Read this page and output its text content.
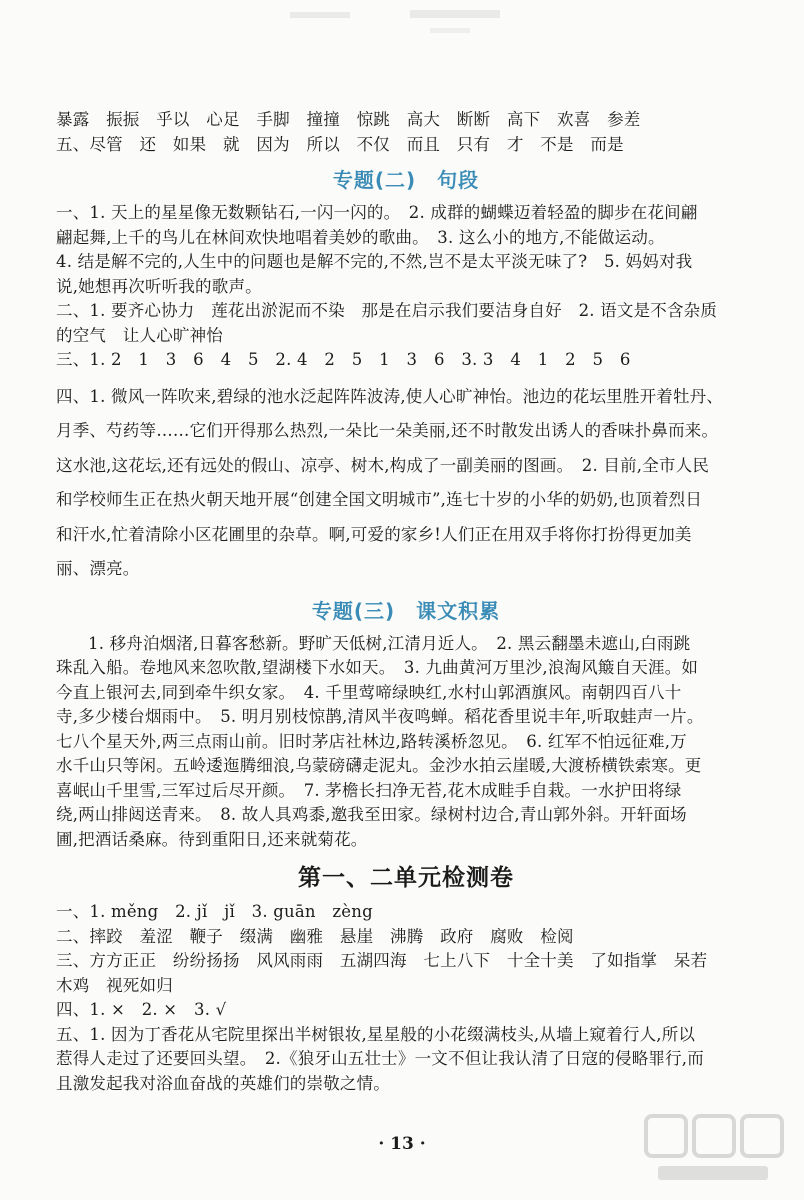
暴露　振振　乎以　心足　手脚　撞撞　惊跳　高大　断断　高下　欢喜　参差
五、尽管　还　如果　就　因为　所以　不仅　而且　只有　才　不是　而是
专题(二)　句段
一、1. 天上的星星像无数颗钻石,一闪一闪的。　2. 成群的蝴蝶迈着轻盈的脚步在花间翩
翩起舞,上千的鸟儿在林间欢快地唱着美妙的歌曲。　3. 这么小的地方,不能做运动。
4. 结是解不完的,人生中的问题也是解不完的,不然,岂不是太平淡无味了?　5. 妈妈对我
说,她想再次听听我的歌声。
二、1. 要齐心协力　莲花出淤泥而不染　那是在启示我们要洁身自好　2. 语文是不含杂质
的空气　让人心旷神怡
三、1. 2　1　3　6　4　5　2. 4　2　5　1　3　6　3. 3　4　1　2　5　6
四、1. 微风一阵吹来,碧绿的池水泛起阵阵波涛,使人心旷神怡。池边的花坛里胜开着牡丹、
月季、芍药等……它们开得那么热烈,一朵比一朵美丽,还不时散发出诱人的香味扑鼻而来。
这水池,这花坛,还有远处的假山、凉亭、树木,构成了一副美丽的图画。　2. 目前,全市人民
和学校师生正在热火朝天地开展“创建全国文明城市”,连七十岁的小华的奶奶,也顶着烈日
和汗水,忙着清除小区花圃里的杂草。啊,可爱的家乡!人们正在用双手将你打扮得更加美
丽、漂亮。
专题(三)　课文积累
1. 移舟泊烟渚,日暮客愁新。野旷天低树,江清月近人。　2. 黑云翻墨未遮山,白雨跳
珠乱入船。卷地风来忽吹散,望湖楼下水如天。　3. 九曲黄河万里沙,浪淘风簸自天涯。如
今直上银河去,同到牵牛织女家。　4. 千里莺啼绿映红,水村山郭酒旗风。南朝四百八十
寺,多少楼台烟雨中。　5. 明月别枝惊鹊,清风半夜鸣蝉。稻花香里说丰年,听取蛙声一片。
七八个星天外,两三点雨山前。旧时茅店社林边,路转溪桥忽见。　6. 红军不怕远征难,万
水千山只等闲。五岭逶迤腾细浪,乌蒙磅礴走泥丸。金沙水拍云崖暖,大渡桥横铁索寒。更
喜岷山千里雪,三军过后尽开颜。　7. 茅檐长扫净无苔,花木成畦手自栽。一水护田将绿
绕,两山排闼送青来。　8. 故人具鸡黍,邀我至田家。绿树村边合,青山郭外斜。开轩面场
圃,把酒话桑麻。待到重阳日,还来就菊花。
第一、二单元检测卷
一、1. měng　2. jǐ　jǐ　3. guān　zèng
二、摔跤　羞涩　鞭子　缀满　幽雅　悬崖　沸腾　政府　腐败　检阅
三、方方正正　纷纷扬扬　风风雨雨　五湖四海　七上八下　十全十美　了如指掌　呆若
木鸡　视死如归
四、1. ×　2. ×　3. √
五、1. 因为丁香花从宅院里探出半树银妆,星星般的小花缀满枝头,从墙上窥着行人,所以
惹得人走过了还要回头望。　2.《狼牙山五壮士》一文不但让我认清了日寇的侵略罪行,而
且激发起我对浴血奋战的英雄们的崇敬之情。
· 13 ·
